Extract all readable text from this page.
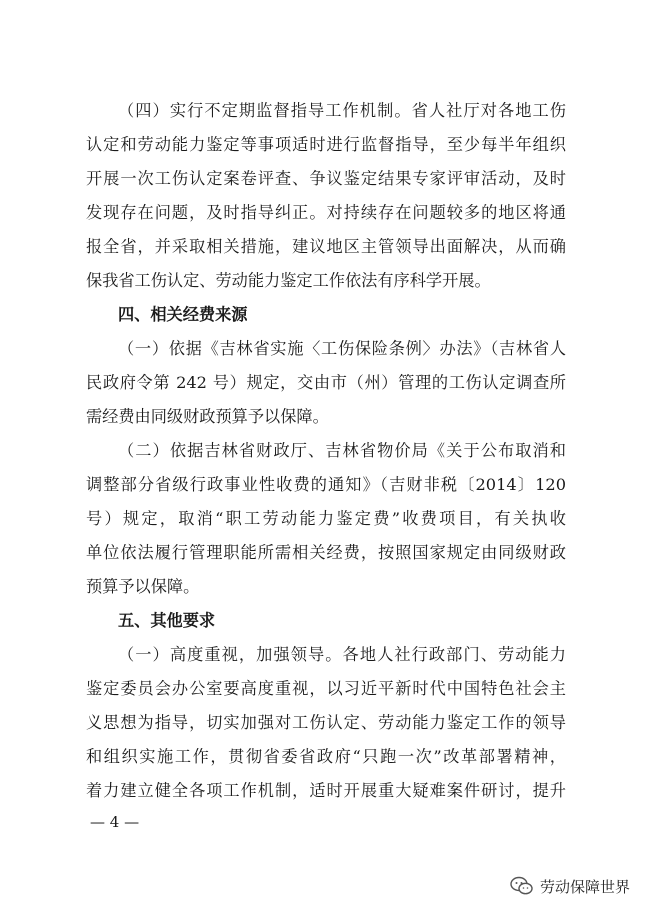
（四）实行不定期监督指导工作机制。省人社厅对各地工伤
认定和劳动能力鉴定等事项适时进行监督指导，至少每半年组织
开展一次工伤认定案卷评查、争议鉴定结果专家评审活动，及时
发现存在问题，及时指导纠正。对持续存在问题较多的地区将通
报全省，并采取相关措施，建议地区主管领导出面解决，从而确
保我省工伤认定、劳动能力鉴定工作依法有序科学开展。
四、相关经费来源
（一）依据《吉林省实施〈工伤保险条例〉办法》（吉林省人
民政府令第 242 号）规定，交由市（州）管理的工伤认定调查所
需经费由同级财政预算予以保障。
（二）依据吉林省财政厅、吉林省物价局《关于公布取消和
调整部分省级行政事业性收费的通知》（吉财非税〔2014〕120
号）规定，取消“职工劳动能力鉴定费”收费项目，有关执收
单位依法履行管理职能所需相关经费，按照国家规定由同级财政
预算予以保障。
五、其他要求
（一）高度重视，加强领导。各地人社行政部门、劳动能力
鉴定委员会办公室要高度重视，以习近平新时代中国特色社会主
义思想为指导，切实加强对工伤认定、劳动能力鉴定工作的领导
和组织实施工作，贯彻省委省政府“只跑一次”改革部署精神，
着力建立健全各项工作机制，适时开展重大疑难案件研讨，提升
— 4 —
劳动保障世界
